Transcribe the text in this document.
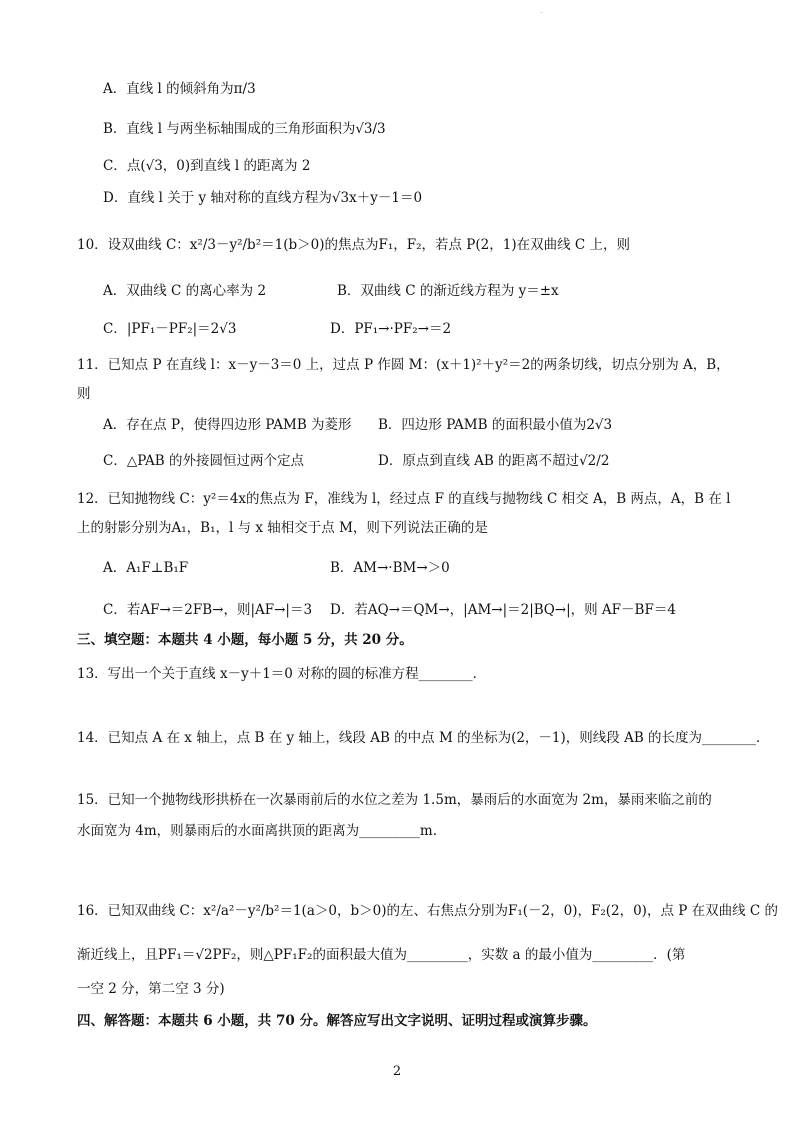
.
A．直线 l 的倾斜角为π/3
B．直线 l 与两坐标轴围成的三角形面积为√3/3
C．点(√3，0)到直线 l 的距离为 2
D．直线 l 关于 y 轴对称的直线方程为√3x＋y－1＝0
10．设双曲线 C：x²/3－y²/b²＝1(b＞0)的焦点为F₁，F₂，若点 P(2，1)在双曲线 C 上，则
A．双曲线 C 的离心率为 2	B．双曲线 C 的渐近线方程为 y＝±x
C．|PF₁－PF₂|＝2√3	D．PF₁→·PF₂→＝2
11．已知点 P 在直线 l：x－y－3＝0 上，过点 P 作圆 M：(x＋1)²＋y²＝2的两条切线，切点分别为 A，B，
则
A．存在点 P，使得四边形 PAMB 为菱形 B．四边形 PAMB 的面积最小值为2√3
C．△PAB 的外接圆恒过两个定点	D．原点到直线 AB 的距离不超过√2/2
12．已知抛物线 C：y²＝4x的焦点为 F，准线为 l，经过点 F 的直线与抛物线 C 相交 A，B 两点，A，B 在 l
上的射影分别为A₁，B₁，l 与 x 轴相交于点 M，则下列说法正确的是
A．A₁F⊥B₁F	B．AM→·BM→＞0
C．若AF→＝2FB→，则|AF→|＝3 D．若AQ→＝QM→，|AM→|＝2|BQ→|，则 AF－BF＝4
三、填空题：本题共 4 小题，每小题 5 分，共 20 分。
13．写出一个关于直线 x－y＋1＝0 对称的圆的标准方程________．
14．已知点 A 在 x 轴上，点 B 在 y 轴上，线段 AB 的中点 M 的坐标为(2，－1)，则线段 AB 的长度为________．
15．已知一个抛物线形拱桥在一次暴雨前后的水位之差为 1.5m，暴雨后的水面宽为 2m，暴雨来临之前的
水面宽为 4m，则暴雨后的水面离拱顶的距离为_________m.
16．已知双曲线 C：x²/a²－y²/b²＝1(a＞0，b＞0)的左、右焦点分别为F₁(－2，0)，F₂(2，0)，点 P 在双曲线 C 的
渐近线上，且PF₁＝√2PF₂，则△PF₁F₂的面积最大值为_________，实数 a 的最小值为_________．(第
一空 2 分，第二空 3 分)
四、解答题：本题共 6 小题，共 70 分。解答应写出文字说明、证明过程或演算步骤。
2
